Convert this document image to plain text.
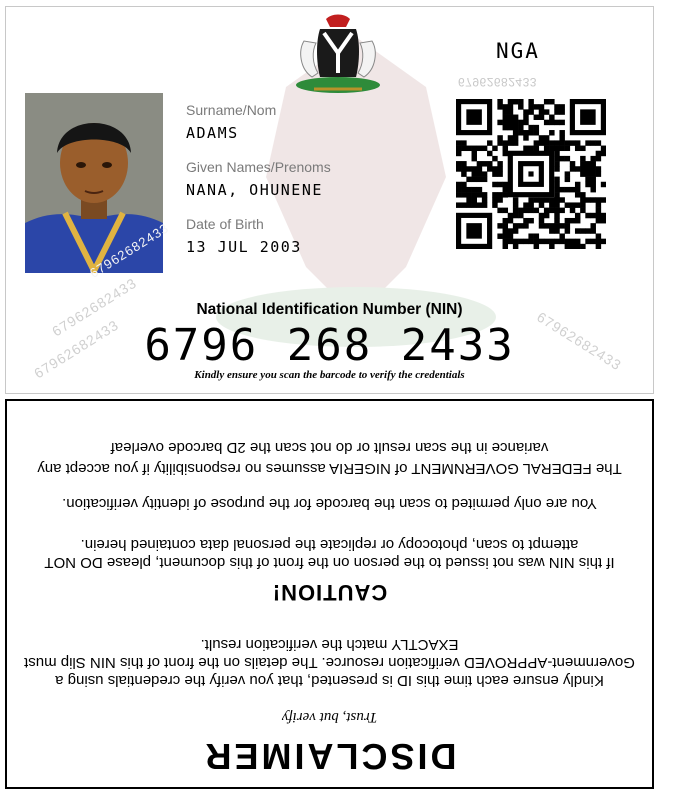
NGA
67962682433
Surname/Nom
ADAMS
Given Names/Prenoms
NANA, OHUNENE
Date of Birth
13 JUL 2003
67962682433
67962682433	67962682433
67962682433
National Identification Number (NIN)
6796 268 2433
Kindly ensure you scan the barcode to verify the credentials
DISCLAIMER
Trust, but verify
Kindly ensure each time this ID is presented, that you verify the credentials using a Government-APPROVED verification resource. The details on the front of this NIN Slip must EXACTLY match the verification result.
CAUTION!
If this NIN was not issued to the person on the front of this document, please DO NOT attempt to scan, photocopy or replicate the personal data contained herein.
You are only permited to scan the barcode for the purpose of identity verification.
The FEDERAL GOVERNMENT of NIGERIA assumes no responsibility if you accept any variance in the scan result or do not scan the 2D barcode overleaf
